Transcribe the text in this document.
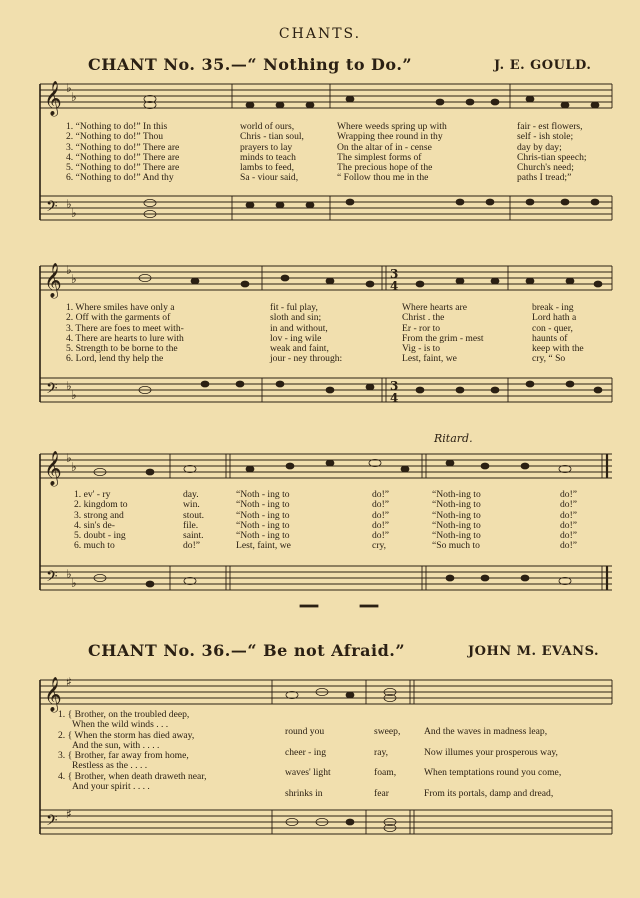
CHANTS.
CHANT No. 35.—“ Nothing to Do.”	J. E. GOULD.
𝄞
𝄢
𝄞
𝄢
𝄞
𝄢
𝄞
𝄢
♭
♭
♭
♭
♭
♭
♭
♭
♭
♭
♭
♭
♯
♯
3
4
3
4
1. “Nothing to do!” In this
2. “Nothing to do!” Thou
3. “Nothing to do!” There are
4. “Nothing to do!” There are
5. “Nothing to do!” There are
6. “Nothing to do!” And thy
world of ours,
Chris - tian soul,
prayers to lay
minds to teach
lambs to feed,
Sa - viour said,
Where weeds spring up with
Wrapping thee round in thy
On the altar of in - cense
The simplest forms of
The precious hope of the
“ Follow thou me in the
fair - est flowers,
self - ish stole;
day by day;
Chris-tian speech;
Church's need;
paths I tread;”
1. Where smiles have only a
2. Off with the garments of
3. There are foes to meet with-
4. There are hearts to lure with
5. Strength to be borne to the
6. Lord, lend thy help the
fit - ful play,
sloth and sin;
in and without,
lov - ing wile
weak and faint,
jour - ney through:
Where hearts are
Christ . the
Er - ror to
From the grim - mest
Vig - is to
Lest, faint, we
break - ing
Lord hath a
con - quer,
haunts of
keep with the
cry, “ So
Ritard.
1. ev' - ry
2. kingdom to
3. strong and
4. sin's de-
5. doubt - ing
6. much to
day.
win.
stout.
file.
saint.
do!”
“Noth - ing to
“Noth - ing to
“Noth - ing to
“Noth - ing to
“Noth - ing to
Lest, faint, we
do!”
do!”
do!”
do!”
do!”
cry,
“Noth-ing to
“Noth-ing to
“Noth-ing to
“Noth-ing to
“Noth-ing to
“So much to
do!”
do!”
do!”
do!”
do!”
do!”
CHANT No. 36.—“ Be not Afraid.”	JOHN M. EVANS.
1. { Brother, on the troubled deep,
When the wild winds . . .
2. { When the storm has died away,
And the sun, with . . . .
3. { Brother, far away from home,
Restless as the . . . .
4. { Brother, when death draweth near,
And your spirit . . . .
round you
cheer - ing
waves' light
shrinks in
sweep,
ray,
foam,
fear
And the waves in madness leap,
Now illumes your prosperous way,
When temptations round you come,
From its portals, damp and dread,
